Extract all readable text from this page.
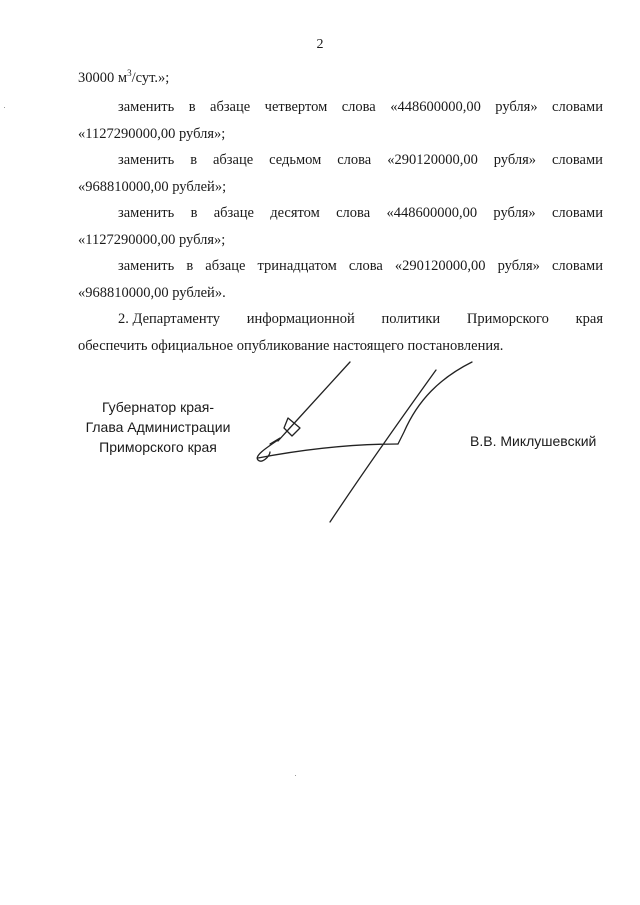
2
30000 $м^3$/сут.»;
заменить в абзаце четвертом слова «448600000,00 рубля» словами
«1127290000,00 рубля»;
заменить в абзаце седьмом слова «290120000,00 рубля» словами
«968810000,00 рублей»;
заменить в абзаце десятом слова «448600000,00 рубля» словами
«1127290000,00 рубля»;
заменить в абзаце тринадцатом слова «290120000,00 рубля» словами
«968810000,00 рублей».
2. Департаменту информационной политики Приморского края
обеспечить официальное опубликование настоящего постановления.
Губернатор края-
Глава Администрации
Приморского края	В.В. Миклушевский
